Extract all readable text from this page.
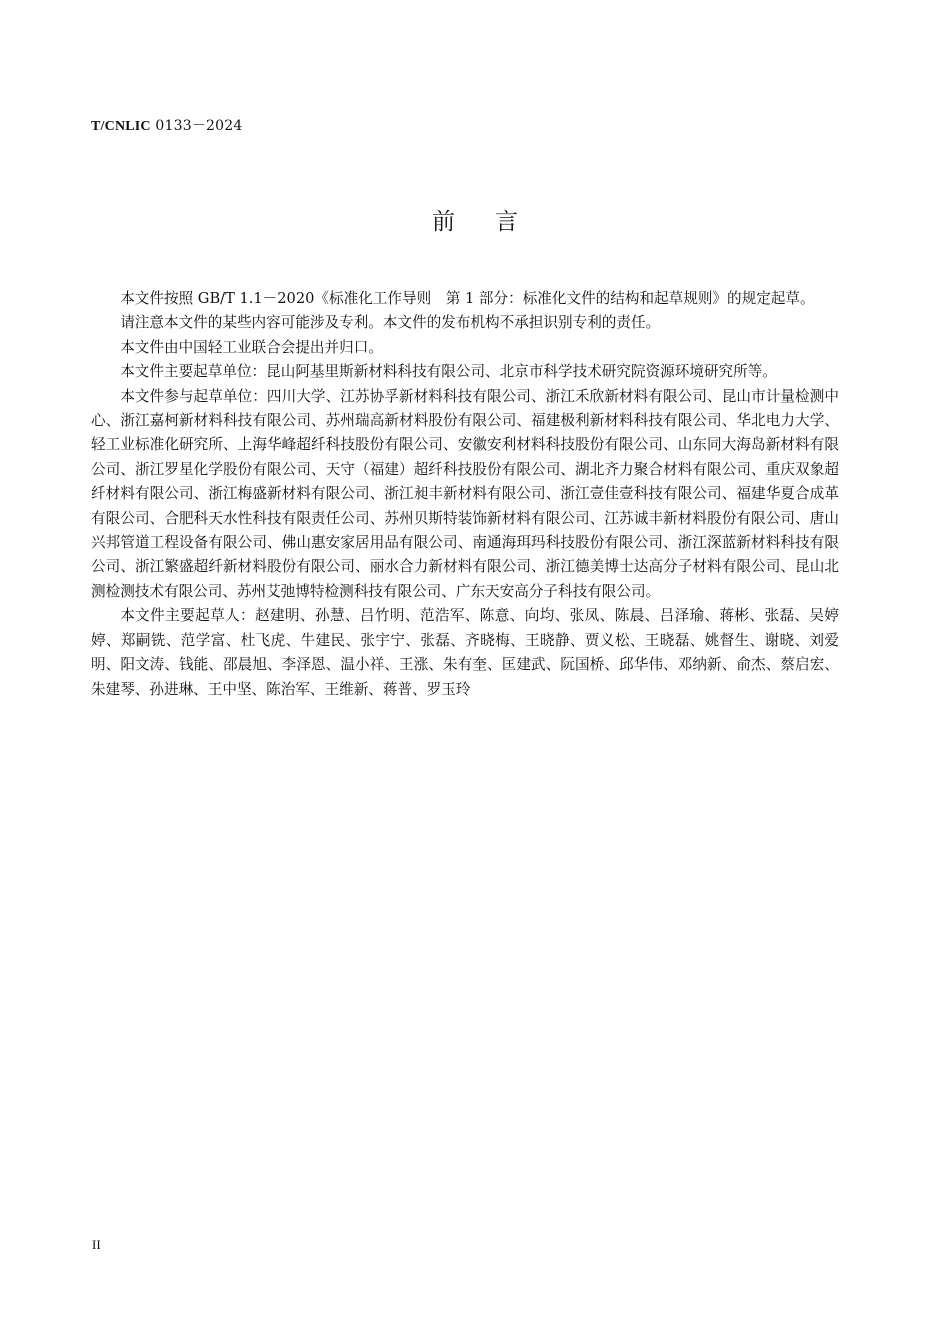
T/CNLIC 0133－2024
前言

本文件按照 GB/T 1.1－2020《标准化工作导则　第 1 部分：标准化文件的结构和起草规则》的规定起草。

请注意本文件的某些内容可能涉及专利。本文件的发布机构不承担识别专利的责任。

本文件由中国轻工业联合会提出并归口。

本文件主要起草单位：昆山阿基里斯新材料科技有限公司、北京市科学技术研究院资源环境研究所等。

本文件参与起草单位：四川大学、江苏协孚新材料科技有限公司、浙江禾欣新材料有限公司、昆山市计量检测中心、浙江嘉柯新材料科技有限公司、苏州瑞高新材料股份有限公司、福建极利新材料科技有限公司、华北电力大学、轻工业标准化研究所、上海华峰超纤科技股份有限公司、安徽安利材料科技股份有限公司、山东同大海岛新材料有限公司、浙江罗星化学股份有限公司、天守（福建）超纤科技股份有限公司、湖北齐力聚合材料有限公司、重庆双象超纤材料有限公司、浙江梅盛新材料有限公司、浙江昶丰新材料有限公司、浙江壹佳壹科技有限公司、福建华夏合成革有限公司、合肥科天水性科技有限责任公司、苏州贝斯特装饰新材料有限公司、江苏诚丰新材料股份有限公司、唐山兴邦管道工程设备有限公司、佛山惠安家居用品有限公司、南通海珥玛科技股份有限公司、浙江深蓝新材料科技有限公司、浙江繁盛超纤新材料股份有限公司、丽水合力新材料有限公司、浙江德美博士达高分子材料有限公司、昆山北测检测技术有限公司、苏州艾弛博特检测科技有限公司、广东天安高分子科技有限公司。

本文件主要起草人：赵建明、孙慧、吕竹明、范浩军、陈意、向均、张凤、陈晨、吕泽瑜、蒋彬、张磊、吴婷婷、郑嗣铣、范学富、杜飞虎、牛建民、张宇宁、张磊、齐晓梅、王晓静、贾义松、王晓磊、姚督生、谢晓、刘爱明、阳文涛、钱能、邵晨旭、李泽恩、温小祥、王涨、朱有奎、匡建武、阮国桥、邱华伟、邓纳新、俞杰、蔡启宏、朱建琴、孙进琳、王中坚、陈治军、王维新、蒋普、罗玉玲

II
